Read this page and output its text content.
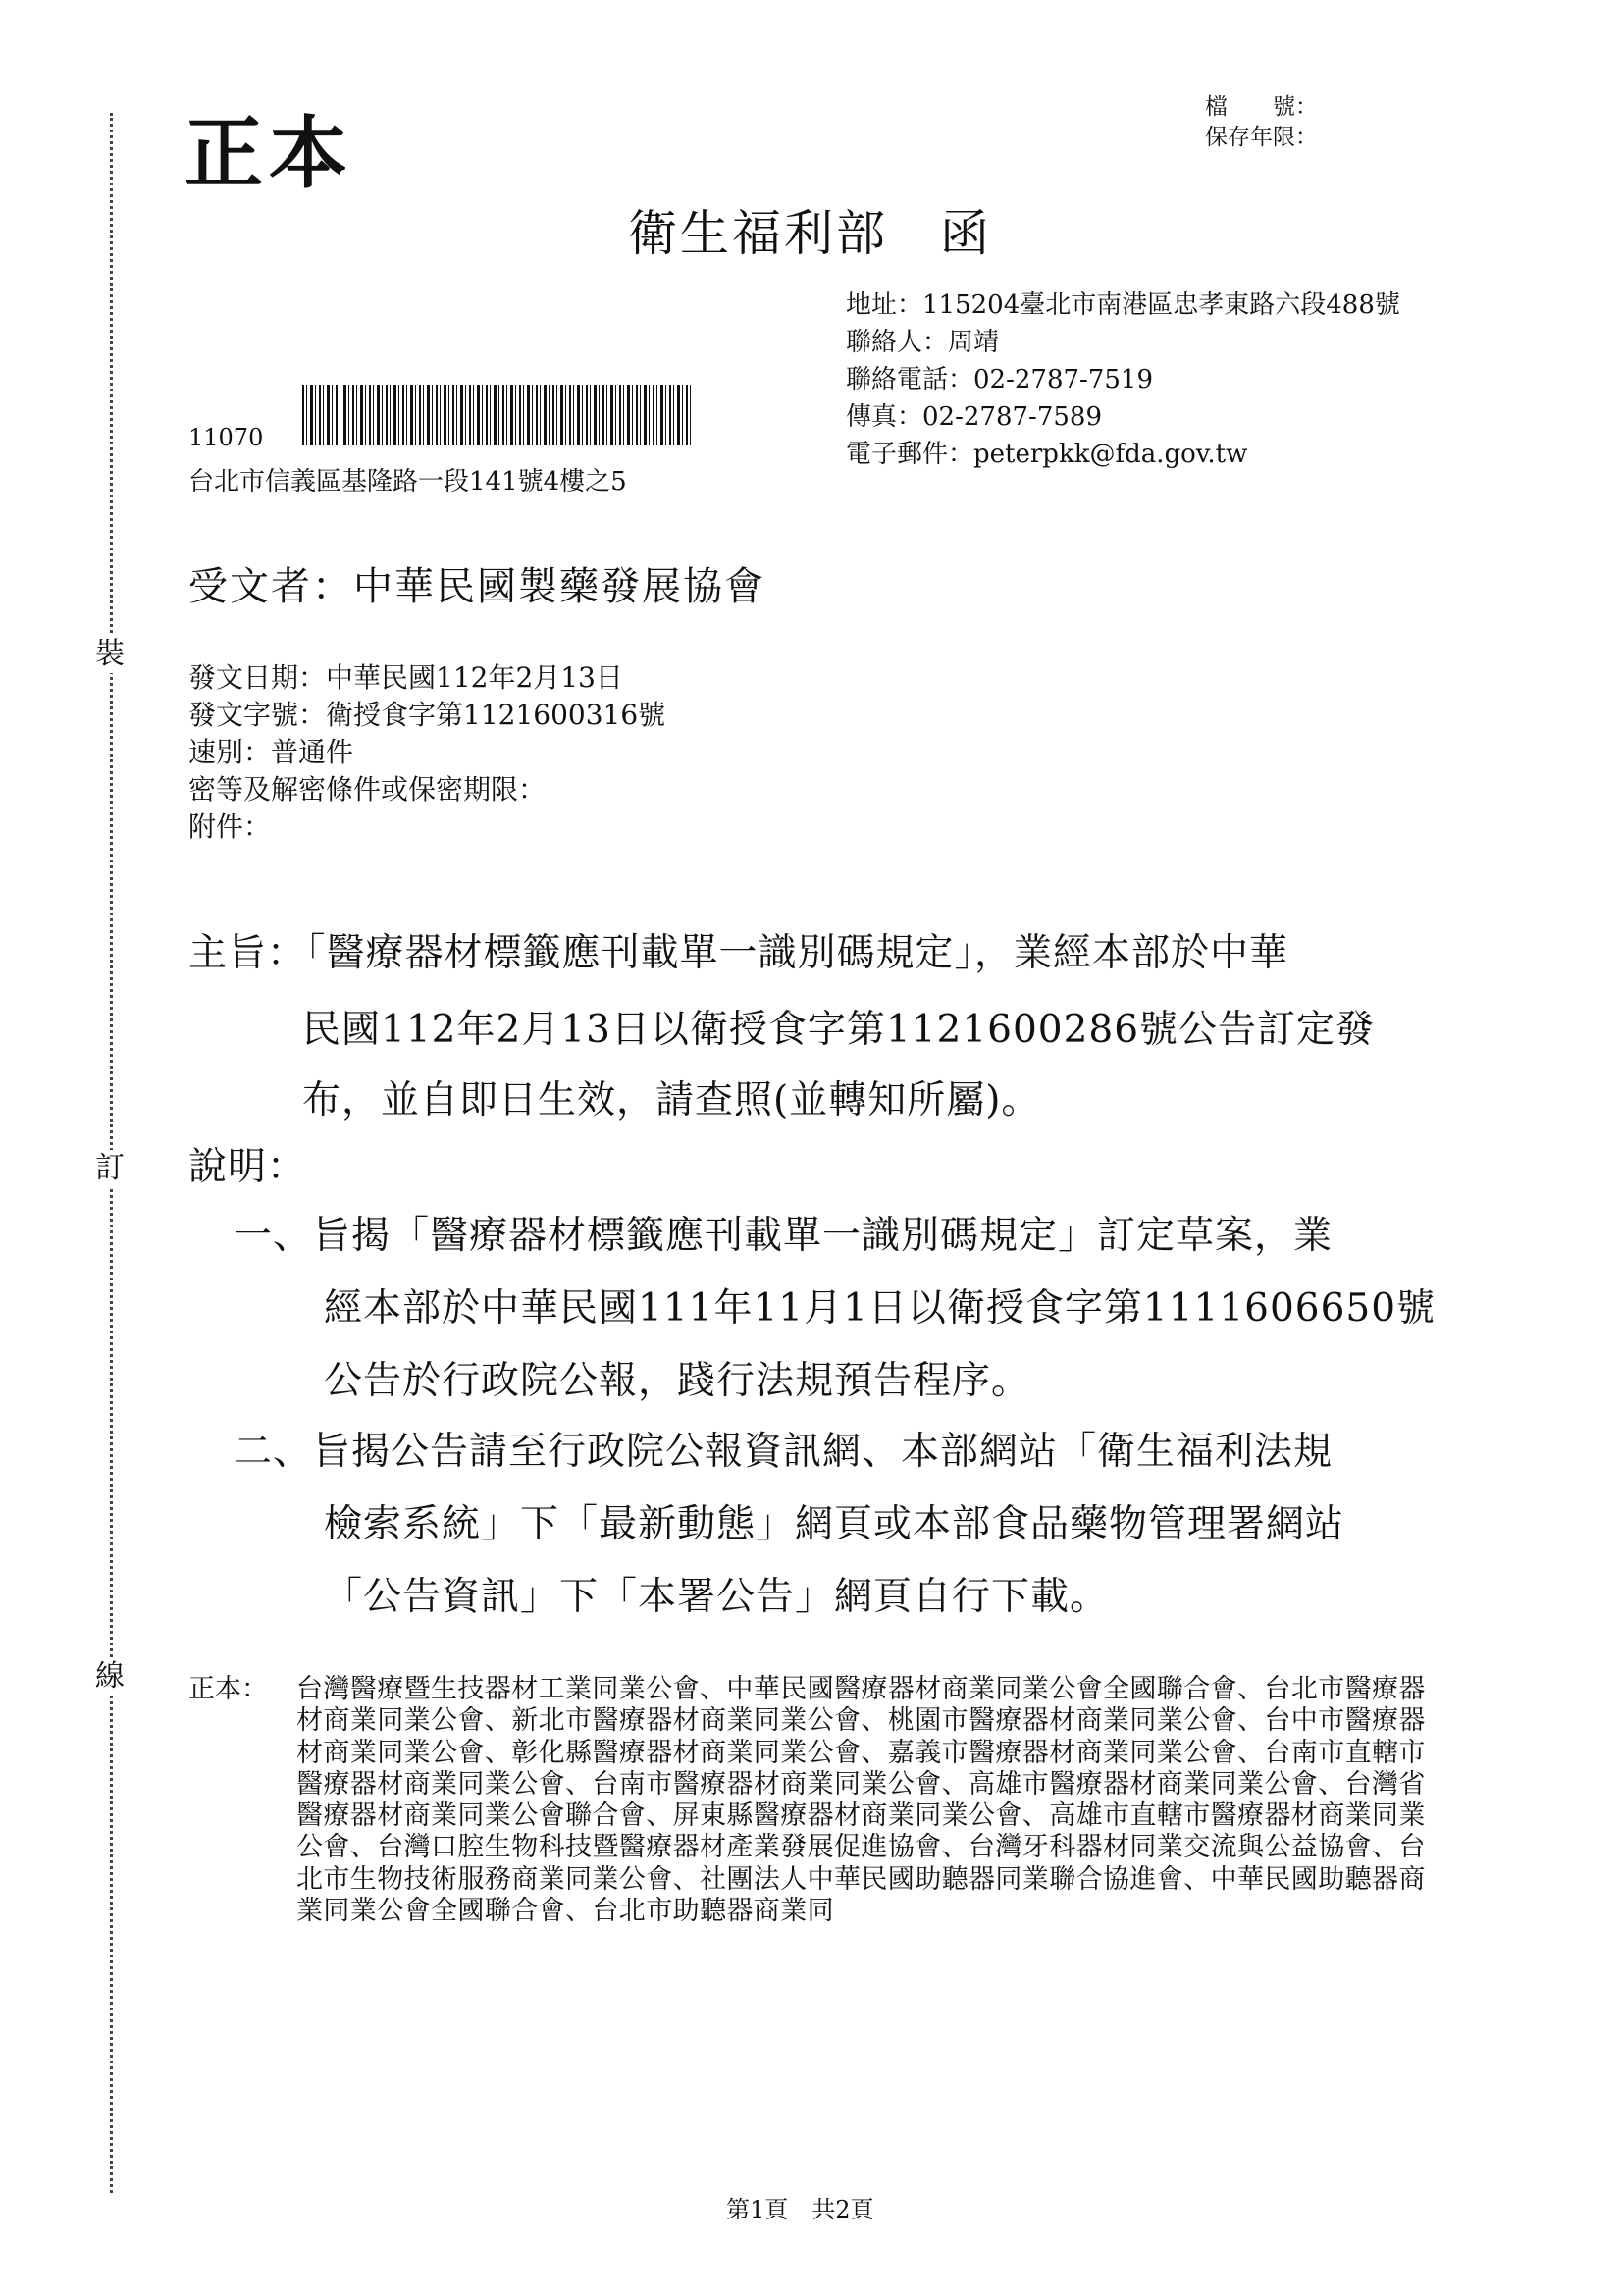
裝
訂
線
正本	檔　　號：
保存年限：
衛生福利部　函
地址：115204臺北市南港區忠孝東路六段488號
聯絡人：周靖
聯絡電話：02-2787-7519
傳真：02-2787-7589
電子郵件：peterpkk@fda.gov.tw
11070
台北市信義區基隆路一段141號4樓之5
受文者：中華民國製藥發展協會
發文日期：中華民國112年2月13日
發文字號：衛授食字第1121600316號
速別：普通件
密等及解密條件或保密期限：
附件：
主旨：「醫療器材標籤應刊載單一識別碼規定」，業經本部於中華
民國112年2月13日以衛授食字第1121600286號公告訂定發
布，並自即日生效，請查照(並轉知所屬)。
說明：
一、旨揭「醫療器材標籤應刊載單一識別碼規定」訂定草案，業
經本部於中華民國111年11月1日以衛授食字第1111606650號
公告於行政院公報，踐行法規預告程序。
二、旨揭公告請至行政院公報資訊網、本部網站「衛生福利法規
檢索系統」下「最新動態」網頁或本部食品藥物管理署網站
「公告資訊」下「本署公告」網頁自行下載。
正本： 台灣醫療暨生技器材工業同業公會、中華民國醫療器材商業同業公會全國聯合會、台北市醫療器材商業同業公會、新北市醫療器材商業同業公會、桃園市醫療器材商業同業公會、台中市醫療器材商業同業公會、彰化縣醫療器材商業同業公會、嘉義市醫療器材商業同業公會、台南市直轄市醫療器材商業同業公會、台南市醫療器材商業同業公會、高雄市醫療器材商業同業公會、台灣省醫療器材商業同業公會聯合會、屏東縣醫療器材商業同業公會、高雄市直轄市醫療器材商業同業公會、台灣口腔生物科技暨醫療器材產業發展促進協會、台灣牙科器材同業交流與公益協會、台北市生物技術服務商業同業公會、社團法人中華民國助聽器同業聯合協進會、中華民國助聽器商業同業公會全國聯合會、台北市助聽器商業同
第1頁　共2頁
